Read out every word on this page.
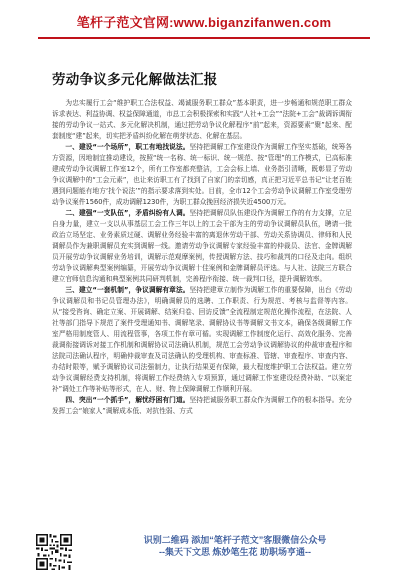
笔杆子范文官网:www.biganzifanwen.com
劳动争议多元化解做法汇报

为忠实履行工会“维护职工合法权益、竭诚服务职工群众”基本职责，进一步畅通和规范职工群众诉求表达、利益协调、权益保障通道，市总工会积极探索和实践“人社+工会”“法院+工会”裁调诉调衔接的劳动争议一站式、多元化解决机制，通过把劳动争议化解程序“前”起来，资源要素“聚”起来、配套制度“建”起来，切实把矛盾纠纷化解在萌芽状态、化解在基层。

一、建设“一个场所”，职工有地找说法。坚持把调解工作室建设作为调解工作坚实基础，统筹各方资源，因地制宜推动建设，按照“统一名称、统一标识、统一规范、按“管理”的工作模式，已高标准建成劳动争议调解工作室12个，所有工作室都亮整洁，工会会标上墙、业务指引清晰，既彰显了劳动争议调解中的“工会元素”，也让来访职工有了找到了自家门的亲切感，真正把习近平总书记“让老百姓遇到问题能有地方‘找个说法’”的指示要求落到实处。目前，全市12个工会劳动争议调解工作室受理劳动争议案件1560件，成功调解1230件，为职工群众挽回经济损失近4500万元。

二、建强“一支队伍”，矛盾纠纷有人调。坚持把调解员队伍建设作为调解工作的有力支撑，立足自身力量，建立一支以从事基层工会工作三年以上的工会干部为主的劳动争议调解员队伍，聘请一批政治立场坚定、业务素质过硬、调解业务经验丰富的离退休劳动干部、劳动关系协调员、律师和人民调解员作为兼职调解员充实到调解一线。邀请劳动争议调解专家经验丰富的仲裁员、法官、金牌调解员开展劳动争议调解业务培训，调解示范观摩案例，传授调解方法、技巧和裁判的口径及走向。组织劳动争议调解典型案例编纂，开展劳动争议调解十佳案例和金牌调解员评选。与人社、法院三方联合建立官师信息沟通和典型案例共同研判机制，完善程序衔接、统一裁判口径，提升调解效率。

三、建立“一套机制”，争议调解有章法。坚持把建章立制作为调解工作的重要保障，出台《劳动争议调解员和书记员管理办法》，明确调解员的选聘、工作职责、行为规范、考核与监督等内容。从“接受咨询、确定立案、开展调解、结案归卷、回访反馈”全流程制定规范化操作流程，在法院、人社等部门指导下规范了案件受理通知书、调解笔录、调解协议书等调解文书文本，确保各级调解工作室严格用制度管人、用流程管事，各项工作有章可循。实现调解工作制度化运行、高效化服务、完善裁调衔接调诉对接工作机制和调解协议司法确认机制，规范工会劳动争议调解协议的仲裁审查程序和法院司法确认程序，明确仲裁审查及司法确认的受理机构、审查标准、管辖、审查程序、审查内容、办结时限等，赋予调解协议司法强制力，让执行结果更有保障，最大程度维护职工合法权益。建立劳动争议调解经费支持机制，将调解工作经费纳入专项预算，通过调解工作室建设经费补助、“以案定补”调处工作等补贴等形式，在人、财、物上保障调解工作顺利开展。

四、突出“一个抓手”，解忧纾困有门道。坚持把诚服务职工群众作为调解工作的根本指导。充分发挥工会“娘家人”调解成本低、对抗性弱、方式

识别二维码 添加“笔杆子范文”客服微信公众号
--集天下文思 炼妙笔生花 助职场亨通--
